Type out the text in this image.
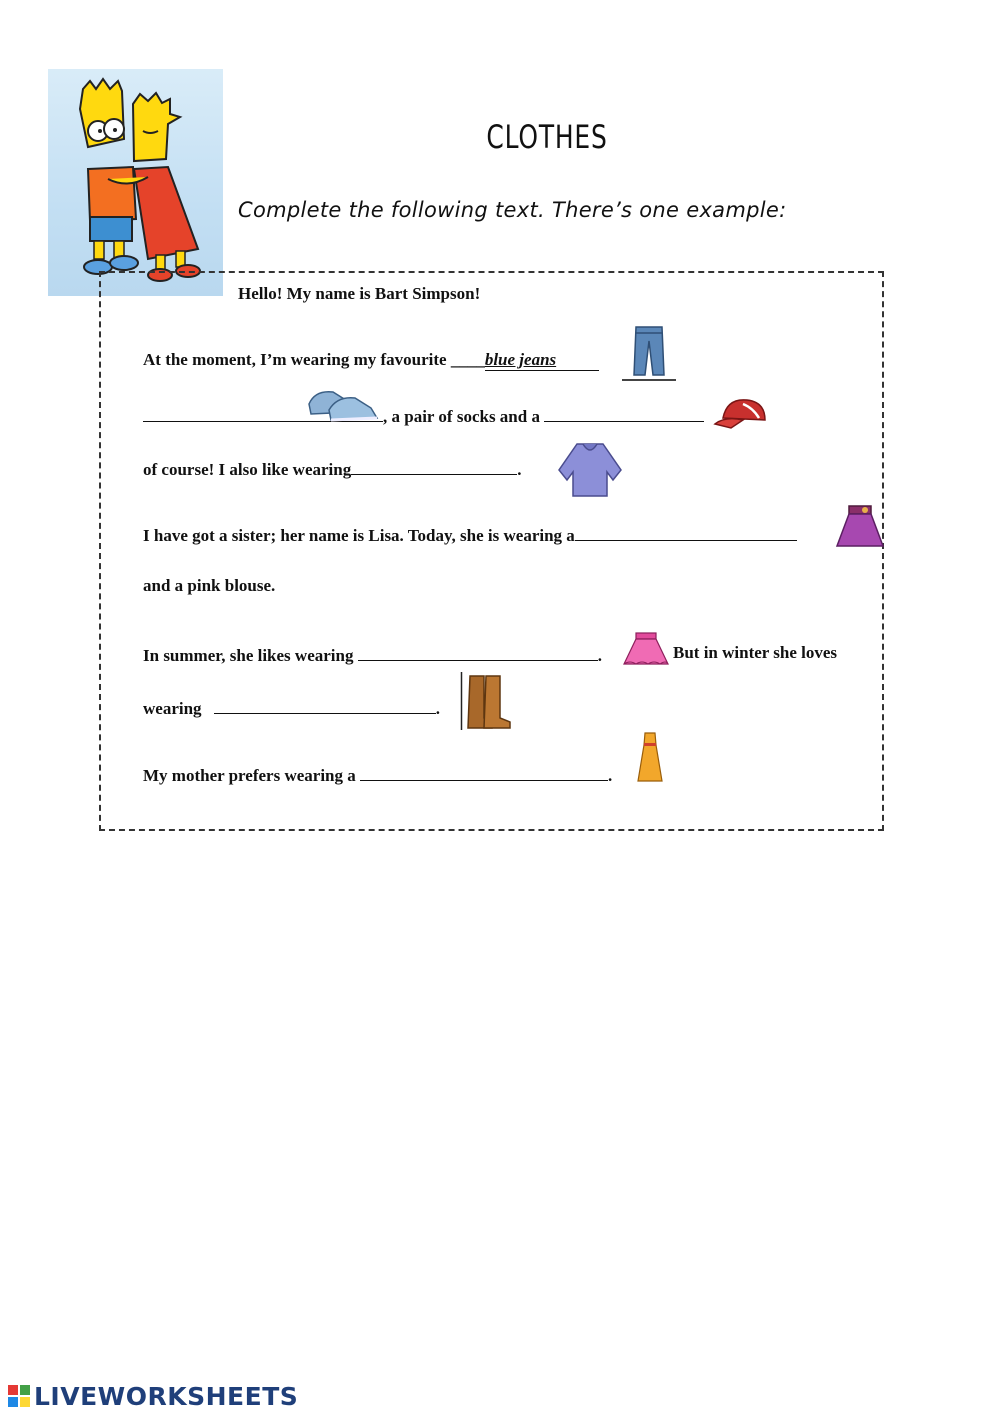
CLOTHES
Complete the following text. There’s one example:
Hello! My name is Bart Simpson!
At the moment, I’m wearing my favourite ____blue jeans
, a pair of socks and a
of course! I also like wearing	.
I have got a sister; her name is Lisa. Today, she is wearing a
and a pink blouse.
In summer, she likes wearing	.	But in winter she loves
wearing	.
My mother prefers wearing a	.
LIVEWORKSHEETS
